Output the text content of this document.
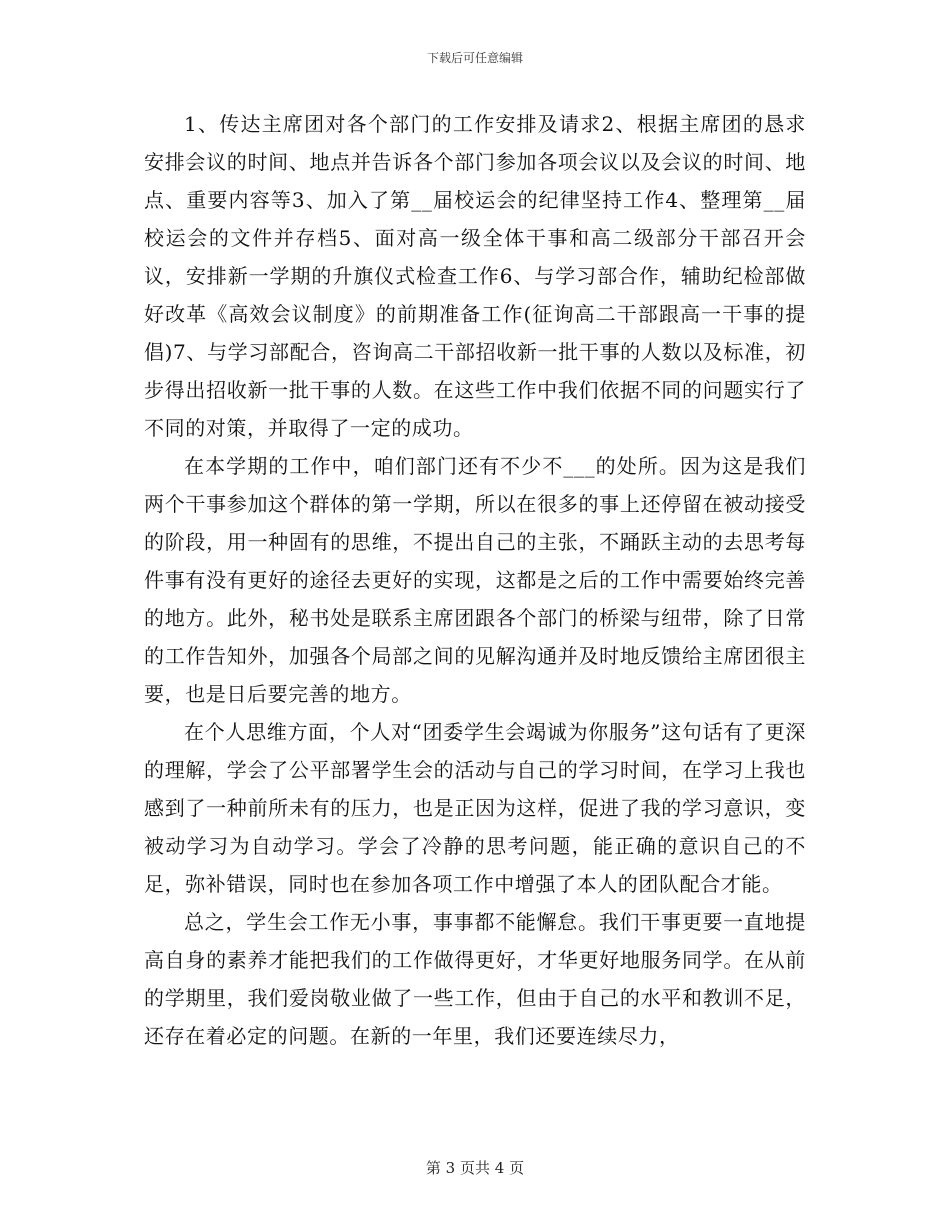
下载后可任意编辑

1、传达主席团对各个部门的工作安排及请求2、根据主席团的恳求安排会议的时间、地点并告诉各个部门参加各项会议以及会议的时间、地点、重要内容等3、加入了第__届校运会的纪律坚持工作4、整理第__届校运会的文件并存档5、面对高一级全体干事和高二级部分干部召开会议，安排新一学期的升旗仪式检查工作6、与学习部合作，辅助纪检部做好改革《高效会议制度》的前期准备工作(征询高二干部跟高一干事的提倡)7、与学习部配合，咨询高二干部招收新一批干事的人数以及标准，初步得出招收新一批干事的人数。在这些工作中我们依据不同的问题实行了不同的对策，并取得了一定的成功。

在本学期的工作中，咱们部门还有不少不___的处所。因为这是我们两个干事参加这个群体的第一学期，所以在很多的事上还停留在被动接受的阶段，用一种固有的思维，不提出自己的主张，不踊跃主动的去思考每件事有没有更好的途径去更好的实现，这都是之后的工作中需要始终完善的地方。此外，秘书处是联系主席团跟各个部门的桥梁与纽带，除了日常的工作告知外，加强各个局部之间的见解沟通并及时地反馈给主席团很主要，也是日后要完善的地方。

在个人思维方面，个人对“团委学生会竭诚为你服务”这句话有了更深的理解，学会了公平部署学生会的活动与自己的学习时间，在学习上我也感到了一种前所未有的压力，也是正因为这样，促进了我的学习意识，变被动学习为自动学习。学会了冷静的思考问题，能正确的意识自己的不足，弥补错误，同时也在参加各项工作中增强了本人的团队配合才能。

总之，学生会工作无小事，事事都不能懈怠。我们干事更要一直地提高自身的素养才能把我们的工作做得更好，才华更好地服务同学。在从前的学期里，我们爱岗敬业做了一些工作，但由于自己的水平和教训不足，还存在着必定的问题。在新的一年里，我们还要连续尽力，

第 3 页共 4 页
